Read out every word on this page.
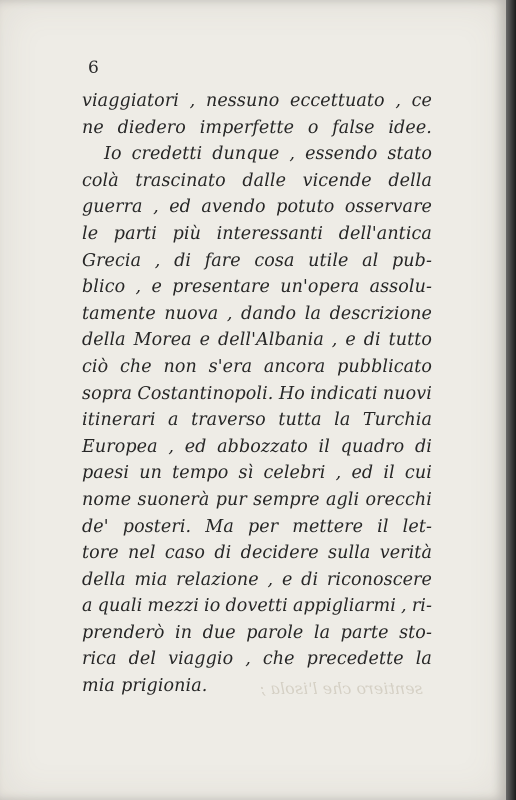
6
viaggiatori , nessuno eccettuato , ce
ne diedero imperfette o false idee.
Io credetti dunque , essendo stato
colà trascinato dalle vicende della
guerra , ed avendo potuto osservare
le parti più interessanti dell'antica
Grecia , di fare cosa utile al pub-
blico , e presentare un'opera assolu-
tamente nuova , dando la descrizione
della Morea e dell'Albania , e di tutto
ciò che non s'era ancora pubblicato
sopra Costantinopoli. Ho indicati nuovi
itinerari a traverso tutta la Turchia
Europea , ed abbozzato il quadro di
paesi un tempo sì celebri , ed il cui
nome suonerà pur sempre agli orecchi
de' posteri. Ma per mettere il let-
tore nel caso di decidere sulla verità
della mia relazione , e di riconoscere
a quali mezzi io dovetti appigliarmi , ri-
prenderò in due parole la parte sto-
rica del viaggio , che precedette la
mia prigionia.	sentiero che l'isola ;
